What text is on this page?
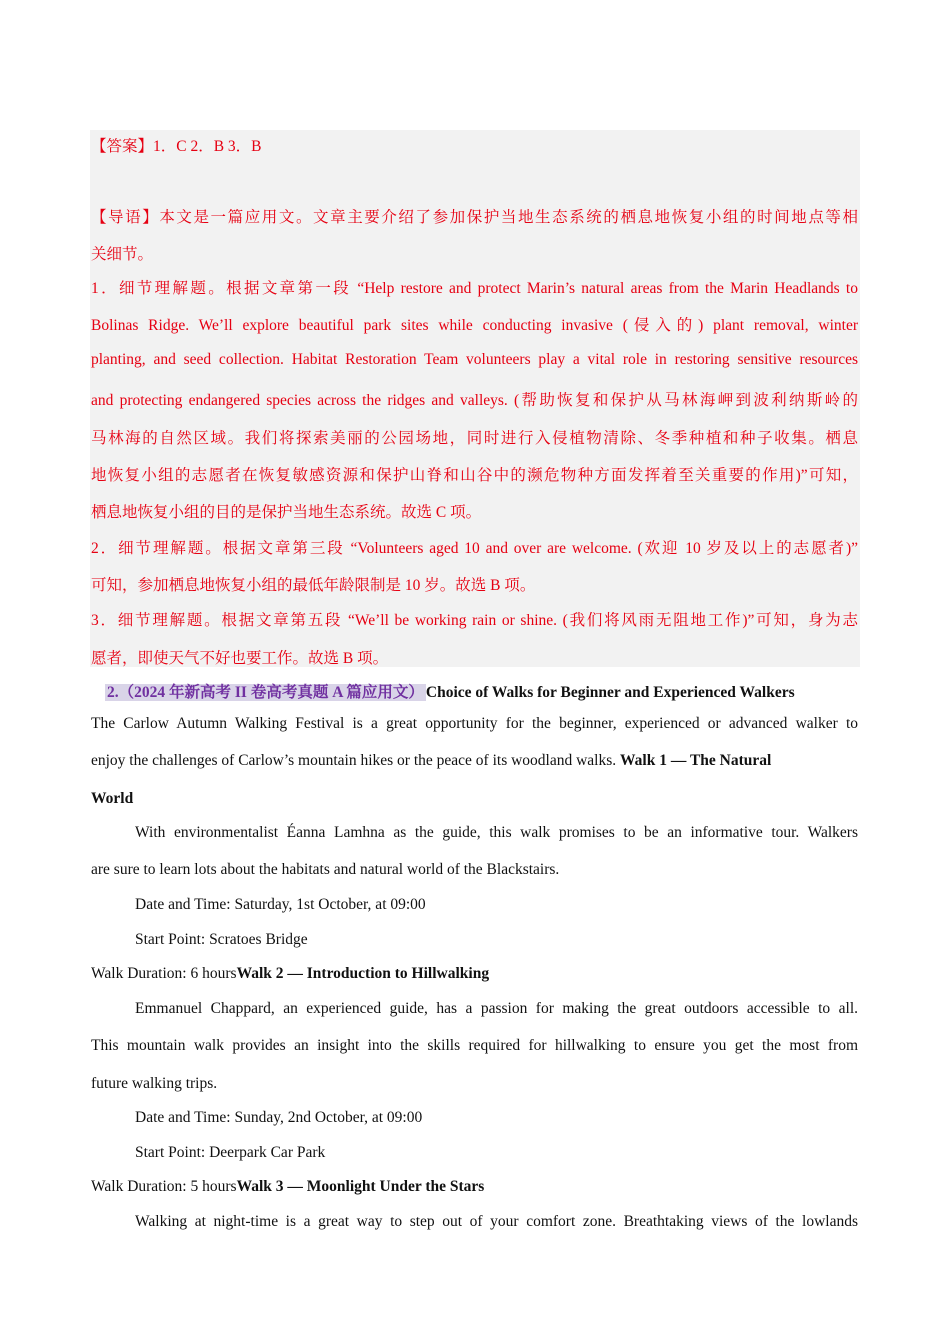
【答案】1．C 2．B 3．B
【导语】本文是一篇应用文。文章主要介绍了参加保护当地生态系统的栖息地恢复小组的时间地点等相
关细节。
1．细节理解题。根据文章第一段 “Help restore and protect Marin’s natural areas from the Marin Headlands to
Bolinas Ridge. We’ll explore beautiful park sites while conducting invasive (侵入的) plant removal, winter
planting, and seed collection. Habitat Restoration Team volunteers play a vital role in restoring sensitive resources
and protecting endangered species across the ridges and valleys. (帮助恢复和保护从马林海岬到波利纳斯岭的
马林海的自然区域。我们将探索美丽的公园场地，同时进行入侵植物清除、冬季种植和种子收集。栖息
地恢复小组的志愿者在恢复敏感资源和保护山脊和山谷中的濒危物种方面发挥着至关重要的作用)”可知，
栖息地恢复小组的目的是保护当地生态系统。故选 C 项。
2．细节理解题。根据文章第三段 “Volunteers aged 10 and over are welcome. (欢迎 10 岁及以上的志愿者)”
可知，参加栖息地恢复小组的最低年龄限制是 10 岁。故选 B 项。
3．细节理解题。根据文章第五段 “We’ll be working rain or shine. (我们将风雨无阻地工作)”可知，身为志
愿者，即使天气不好也要工作。故选 B 项。
2.（2024 年新高考 II 卷高考真题 A 篇应用文） Choice of Walks for Beginner and Experienced Walkers
The Carlow Autumn Walking Festival is a great opportunity for the beginner, experienced or advanced walker to
enjoy the challenges of Carlow’s mountain hikes or the peace of its woodland walks. Walk 1 — The Natural
World
With environmentalist Éanna Lamhna as the guide, this walk promises to be an informative tour. Walkers
are sure to learn lots about the habitats and natural world of the Blackstairs.
Date and Time: Saturday, 1st October, at 09:00
Start Point: Scratoes Bridge
Walk Duration: 6 hoursWalk 2 — Introduction to Hillwalking
Emmanuel Chappard, an experienced guide, has a passion for making the great outdoors accessible to all.
This mountain walk provides an insight into the skills required for hillwalking to ensure you get the most from
future walking trips.
Date and Time: Sunday, 2nd October, at 09:00
Start Point: Deerpark Car Park
Walk Duration: 5 hoursWalk 3 — Moonlight Under the Stars
Walking at night-time is a great way to step out of your comfort zone. Breathtaking views of the lowlands
